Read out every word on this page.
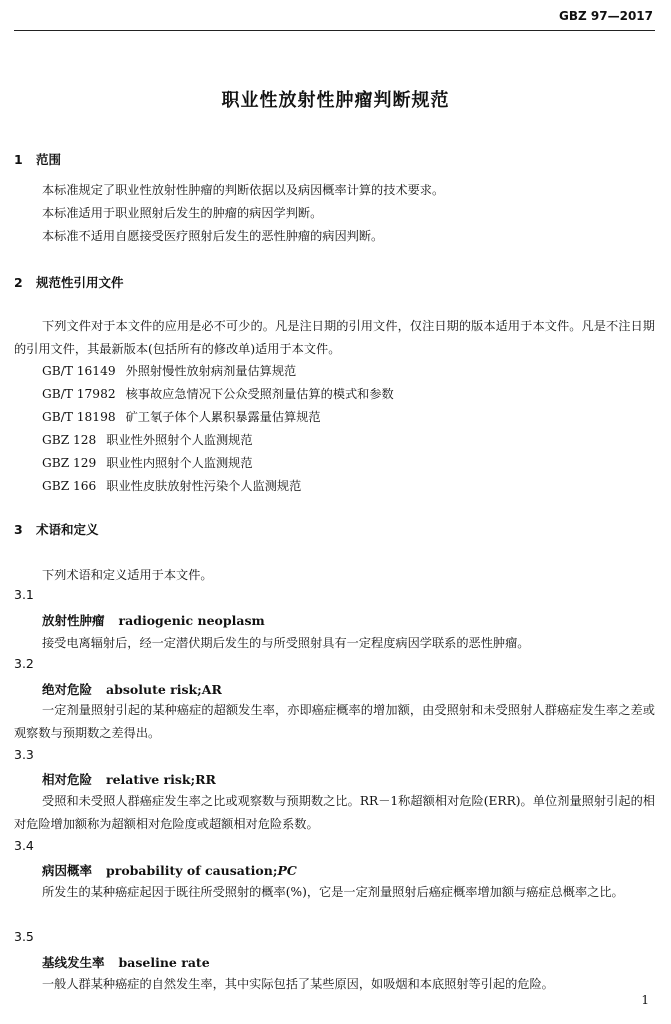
GBZ 97—2017
职业性放射性肿瘤判断规范
1 范围
本标准规定了职业性放射性肿瘤的判断依据以及病因概率计算的技术要求。
本标准适用于职业照射后发生的肿瘤的病因学判断。
本标准不适用自愿接受医疗照射后发生的恶性肿瘤的病因判断。
2 规范性引用文件
下列文件对于本文件的应用是必不可少的。凡是注日期的引用文件，仅注日期的版本适用于本文件。凡是不注日期的引用文件，其最新版本(包括所有的修改单)适用于本文件。
GB/T 16149 外照射慢性放射病剂量估算规范
GB/T 17982 核事故应急情况下公众受照剂量估算的模式和参数
GB/T 18198 矿工氡子体个人累积暴露量估算规范
GBZ 128 职业性外照射个人监测规范
GBZ 129 职业性内照射个人监测规范
GBZ 166 职业性皮肤放射性污染个人监测规范
3 术语和定义
下列术语和定义适用于本文件。
3.1
放射性肿瘤 radiogenic neoplasm
接受电离辐射后，经一定潜伏期后发生的与所受照射具有一定程度病因学联系的恶性肿瘤。
3.2
绝对危险 absolute risk;AR
一定剂量照射引起的某种癌症的超额发生率，亦即癌症概率的增加额，由受照射和未受照射人群癌症发生率之差或观察数与预期数之差得出。
3.3
相对危险 relative risk;RR
受照和未受照人群癌症发生率之比或观察数与预期数之比。RR－1称超额相对危险(ERR)。单位剂量照射引起的相对危险增加额称为超额相对危险度或超额相对危险系数。
3.4
病因概率 probability of causation;PC
所发生的某种癌症起因于既往所受照射的概率(%)，它是一定剂量照射后癌症概率增加额与癌症总概率之比。
3.5
基线发生率 baseline rate
一般人群某种癌症的自然发生率，其中实际包括了某些原因，如吸烟和本底照射等引起的危险。
1
